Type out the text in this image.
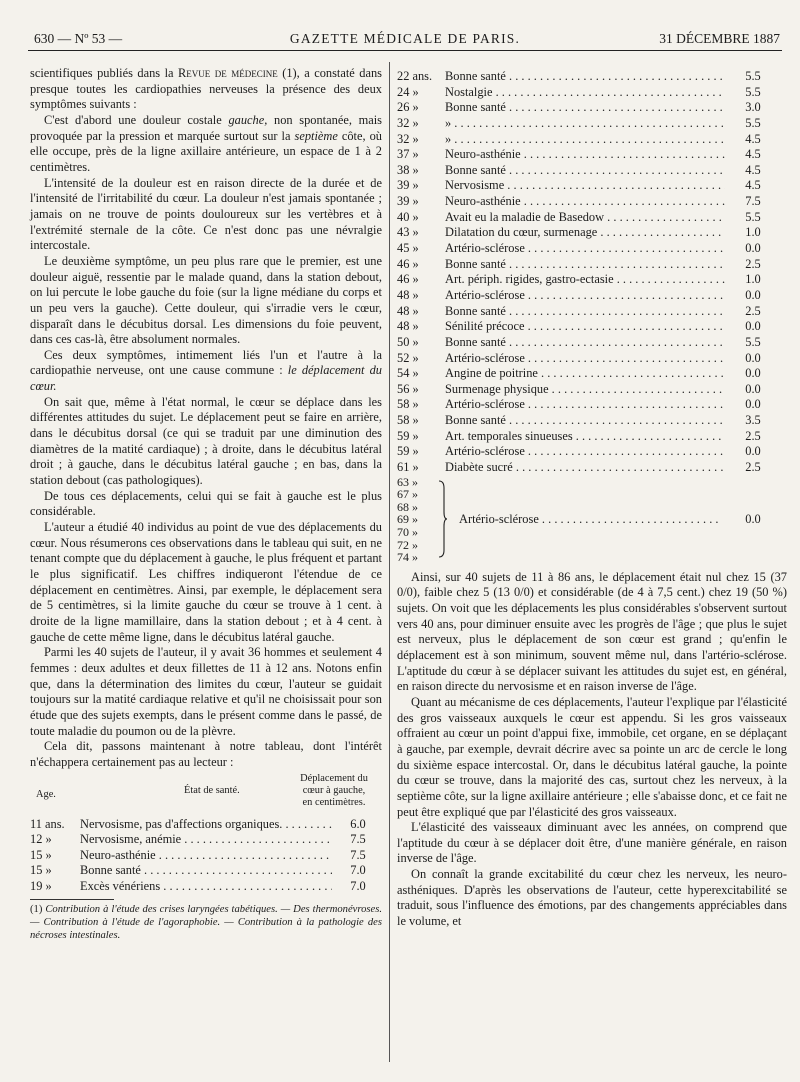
630 — Nº 53 —	GAZETTE MÉDICALE DE PARIS.	31 DÉCEMBRE 1887

scientifiques publiés dans la Revue de médecine (1), a constaté dans presque toutes les cardiopathies nerveuses la présence des deux symptômes suivants :

C'est d'abord une douleur costale gauche, non spontanée, mais provoquée par la pression et marquée surtout sur la septième côte, où elle occupe, près de la ligne axillaire antérieure, un espace de 1 à 2 centimètres.

L'intensité de la douleur est en raison directe de la durée et de l'intensité de l'irritabilité du cœur. La douleur n'est jamais spontanée ; jamais on ne trouve de points douloureux sur les vertèbres et à l'extrémité sternale de la côte. Ce n'est donc pas une névralgie intercostale.

Le deuxième symptôme, un peu plus rare que le premier, est une douleur aiguë, ressentie par le malade quand, dans la station debout, on lui percute le lobe gauche du foie (sur la ligne médiane du corps et un peu vers la gauche). Cette douleur, qui s'irradie vers le cœur, disparaît dans le décubitus dorsal. Les dimensions du foie peuvent, dans ces cas-là, être absolument normales.

Ces deux symptômes, intimement liés l'un et l'autre à la cardiopathie nerveuse, ont une cause commune : le déplacement du cœur.

On sait que, même à l'état normal, le cœur se déplace dans les différentes attitudes du sujet. Le déplacement peut se faire en arrière, dans le décubitus dorsal (ce qui se traduit par une diminution des diamètres de la matité cardiaque) ; à droite, dans le décubitus latéral droit ; à gauche, dans le décubitus latéral gauche ; en bas, dans la station debout (cas pathologiques).

De tous ces déplacements, celui qui se fait à gauche est le plus considérable.

L'auteur a étudié 40 individus au point de vue des déplacements du cœur. Nous résumerons ces observations dans le tableau qui suit, en ne tenant compte que du déplacement à gauche, le plus fréquent et partant le plus significatif. Les chiffres indiqueront l'étendue de ce déplacement en centimètres. Ainsi, par exemple, le déplacement sera de 5 centimètres, si la limite gauche du cœur se trouve à 1 cent. à droite de la ligne mamillaire, dans la station debout ; et à 4 cent. à gauche de cette même ligne, dans le décubitus latéral gauche.

Parmi les 40 sujets de l'auteur, il y avait 36 hommes et seulement 4 femmes : deux adultes et deux fillettes de 11 à 12 ans. Notons enfin que, dans la détermination des limites du cœur, l'auteur se guidait toujours sur la matité cardiaque relative et qu'il ne choisissait pour son étude que des sujets exempts, dans le présent comme dans le passé, de toute maladie du poumon ou de la plèvre.

Cela dit, passons maintenant à notre tableau, dont l'intérêt n'échappera certainement pas au lecteur :

Age.	État de santé.
Déplacement du
cœur à gauche,
en centimètres.
11 ans.	Nervosisme, pas d'affections organiques. . . .	6.0
12 »	Nervosisme, anémie . . .	7.5
15 »	Neuro-asthénie . . .	7.5
15 »	Bonne santé . . .	7.0
19 »	Excès vénériens . . .	7.0
(1) Contribution à l'étude des crises laryngées tabétiques. — Des thermonévroses. — Contribution à l'étude de l'agoraphobie. — Contribution à la pathologie des nécroses intestinales.
22 ans.	Bonne santé . . .	5.5
24 »	Nostalgie . . .	5.5
26 »	Bonne santé . . .	3.0
32 »	» . . .	5.5
32 »	» . . .	4.5
37 »	Neuro-asthénie . . .	4.5
38 »	Bonne santé . . .	4.5
39 »	Nervosisme . . .	4.5
39 »	Neuro-asthénie . . .	7.5
40 »	Avait eu la maladie de Basedow . . .	5.5
43 »	Dilatation du cœur, surmenage . . .	1.0
45 »	Artério-sclérose . . .	0.0
46 »	Bonne santé . . .	2.5
46 »	Art. périph. rigides, gastro-ectasie . . .	1.0
48 »	Artério-sclérose . . .	0.0
48 »	Bonne santé . . .	2.5
48 »	Sénilité précoce . . .	0.0
50 »	Bonne santé . . .	5.5
52 »	Artério-sclérose . . .	0.0
54 »	Angine de poitrine . . .	0.0
56 »	Surmenage physique . . .	0.0
58 »	Artério-sclérose . . .	0.0
58 »	Bonne santé . . .	3.5
59 »	Art. temporales sinueuses . . .	2.5
59 »	Artério-sclérose . . .	0.0
61 »	Diabète sucré . . .	2.5
63 »
67 »
68 »
69 »
70 »
72 »
74 »
Artério-sclérose . . .	0.0

Ainsi, sur 40 sujets de 11 à 86 ans, le déplacement était nul chez 15 (37 0/0), faible chez 5 (13 0/0) et considérable (de 4 à 7,5 cent.) chez 19 (50 %) sujets. On voit que les déplacements les plus considérables s'observent surtout vers 40 ans, pour diminuer ensuite avec les progrès de l'âge ; que plus le sujet est nerveux, plus le déplacement de son cœur est grand ; qu'enfin le déplacement est à son minimum, souvent même nul, dans l'artério-sclérose. L'aptitude du cœur à se déplacer suivant les attitudes du sujet est, en général, en raison directe du nervosisme et en raison inverse de l'âge.

Quant au mécanisme de ces déplacements, l'auteur l'explique par l'élasticité des gros vaisseaux auxquels le cœur est appendu. Si les gros vaisseaux offraient au cœur un point d'appui fixe, immobile, cet organe, en se déplaçant à gauche, par exemple, devrait décrire avec sa pointe un arc de cercle le long du sixième espace intercostal. Or, dans le décubitus latéral gauche, la pointe du cœur se trouve, dans la majorité des cas, surtout chez les nerveux, à la septième côte, sur la ligne axillaire antérieure ; elle s'abaisse donc, et ce fait ne peut être expliqué que par l'élasticité des gros vaisseaux.

L'élasticité des vaisseaux diminuant avec les années, on comprend que l'aptitude du cœur à se déplacer doit être, d'une manière générale, en raison inverse de l'âge.

On connaît la grande excitabilité du cœur chez les nerveux, les neuro-asthéniques. D'après les observations de l'auteur, cette hyperexcitabilité se traduit, sous l'influence des émotions, par des changements appréciables dans le volume, et
